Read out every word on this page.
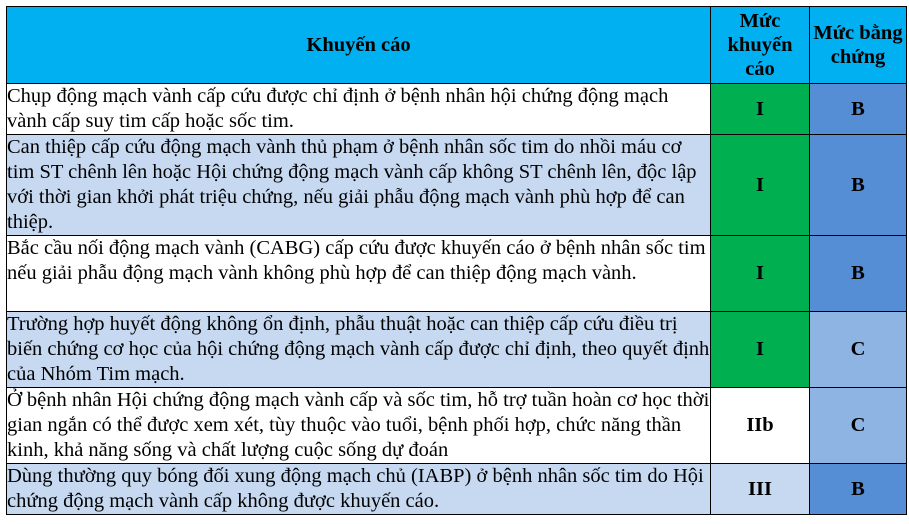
Khuyến cáo	Mức khuyến cáo	Mức bằng chứng
Chụp động mạch vành cấp cứu được chỉ định ở bệnh nhân hội chứng động mạch vành cấp suy tim cấp hoặc sốc tim.	I	B
Can thiệp cấp cứu động mạch vành thủ phạm ở bệnh nhân sốc tim do nhồi máu cơ tim ST chênh lên hoặc Hội chứng động mạch vành cấp không ST chênh lên, độc lập với thời gian khởi phát triệu chứng, nếu giải phẫu động mạch vành phù hợp để can thiệp.	I	B
Bắc cầu nối động mạch vành (CABG) cấp cứu được khuyến cáo ở bệnh nhân sốc tim nếu giải phẫu động mạch vành không phù hợp để can thiệp động mạch vành.	I	B
Trường hợp huyết động không ổn định, phẫu thuật hoặc can thiệp cấp cứu điều trị biến chứng cơ học của hội chứng động mạch vành cấp được chỉ định, theo quyết định của Nhóm Tim mạch.	I	C
Ở bệnh nhân Hội chứng động mạch vành cấp và sốc tim, hỗ trợ tuần hoàn cơ học thời gian ngắn có thể được xem xét, tùy thuộc vào tuổi, bệnh phối hợp, chức năng thần kinh, khả năng sống và chất lượng cuộc sống dự đoán	IIb	C
Dùng thường quy bóng đối xung động mạch chủ (IABP) ở bệnh nhân sốc tim do Hội chứng động mạch vành cấp không được khuyến cáo.	III	B
